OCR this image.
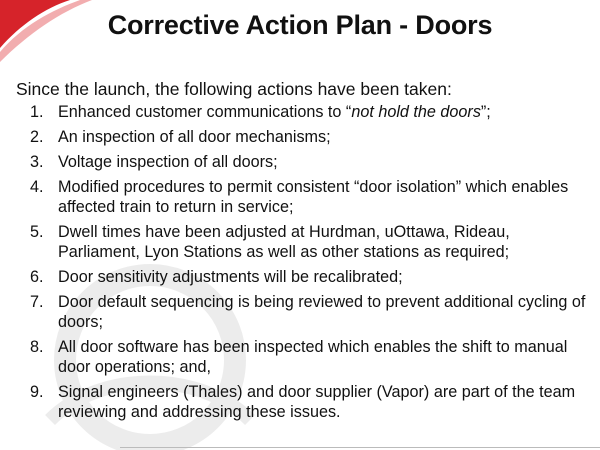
Corrective Action Plan - Doors
Since the launch, the following actions have been taken:
1. Enhanced customer communications to “not hold the doors”;
2. An inspection of all door mechanisms;
3. Voltage inspection of all doors;
4. Modified procedures to permit consistent “door isolation” which enables affected train to return in service;
5. Dwell times have been adjusted at Hurdman, uOttawa, Rideau, Parliament, Lyon Stations as well as other stations as required;
6. Door sensitivity adjustments will be recalibrated;
7. Door default sequencing is being reviewed to prevent additional cycling of doors;
8. All door software has been inspected which enables the shift to manual door operations; and,
9. Signal engineers (Thales) and door supplier (Vapor) are part of the team reviewing and addressing these issues.
